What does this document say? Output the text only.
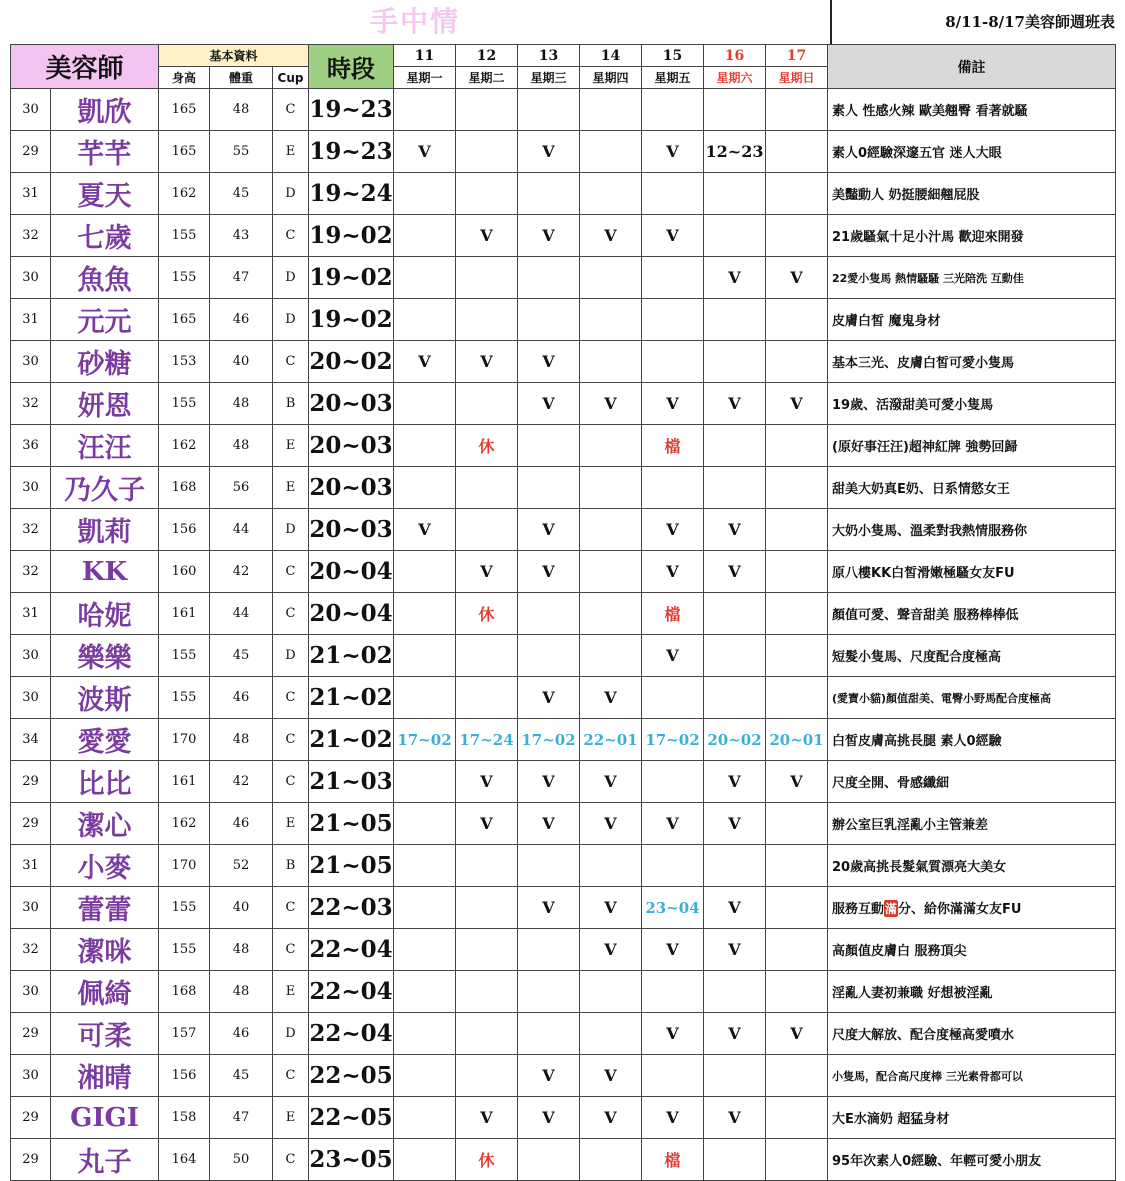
手中情	8/11-8/17美容師週班表
美容師		基本資料			時段	11	12	13	14	15	16	17	備註
		身高	體重	Cup		星期一	星期二	星期三	星期四	星期五	星期六	星期日	
30	凱欣	165	48	C	19~23								素人 性感火辣 歐美翹臀 看著就騷
29	芊芊	165	55	E	19~23	V		V		V	12~23		素人0經驗深邃五官 迷人大眼
31	夏天	162	45	D	19~24								美豔動人 奶挺腰細翹屁股
32	七歲	155	43	C	19~02		V	V	V	V			21歲騷氣十足小汁馬 歡迎來開發
30	魚魚	155	47	D	19~02						V	V	22愛小隻馬 熱情騷騷 三光陪洗 互動佳
31	元元	165	46	D	19~02								皮膚白皙 魔鬼身材
30	砂糖	153	40	C	20~02	V	V	V					基本三光、皮膚白皙可愛小隻馬
32	妍恩	155	48	B	20~03			V	V	V	V	V	19歲、活潑甜美可愛小隻馬
36	汪汪	162	48	E	20~03		休			檔			(原好事汪汪)超神紅牌 強勢回歸
30	乃久子	168	56	E	20~03								甜美大奶真E奶、日系情慾女王
32	凱莉	156	44	D	20~03	V		V		V	V		大奶小隻馬、溫柔對我熱情服務你
32	KK	160	42	C	20~04		V	V		V	V		原八樓KK白皙滑嫩極騷女友FU
31	哈妮	161	44	C	20~04		休			檔			顏值可愛、聲音甜美 服務棒棒低
30	樂樂	155	45	D	21~02					V			短髮小隻馬、尺度配合度極高
30	波斯	155	46	C	21~02			V	V				(愛寶小貓)顏值甜美、電臀小野馬配合度極高
34	愛愛	170	48	C	21~02	17~02	17~24	17~02	22~01	17~02	20~02	20~01	白皙皮膚高挑長腿 素人0經驗
29	比比	161	42	C	21~03		V	V	V		V	V	尺度全開、骨感纖細
29	潔心	162	46	E	21~05		V	V	V	V	V		辦公室巨乳淫亂小主管兼差
31	小麥	170	52	B	21~05								20歲高挑長髮氣質漂亮大美女
30	蕾蕾	155	40	C	22~03			V	V	23~04	V		服務互動滿分、給你滿滿女友FU
32	潔咪	155	48	C	22~04				V	V	V		高顏值皮膚白 服務頂尖
30	佩綺	168	48	E	22~04								淫亂人妻初兼職 好想被淫亂
29	可柔	157	46	D	22~04					V	V	V	尺度大解放、配合度極高愛噴水
30	湘晴	156	45	C	22~05			V	V				小隻馬，配合高尺度棒 三光素骨都可以
29	GIGI	158	47	E	22~05		V	V	V	V	V		大E水滴奶 超猛身材
29	丸子	164	50	C	23~05		休			檔			95年次素人0經驗、年輕可愛小朋友
